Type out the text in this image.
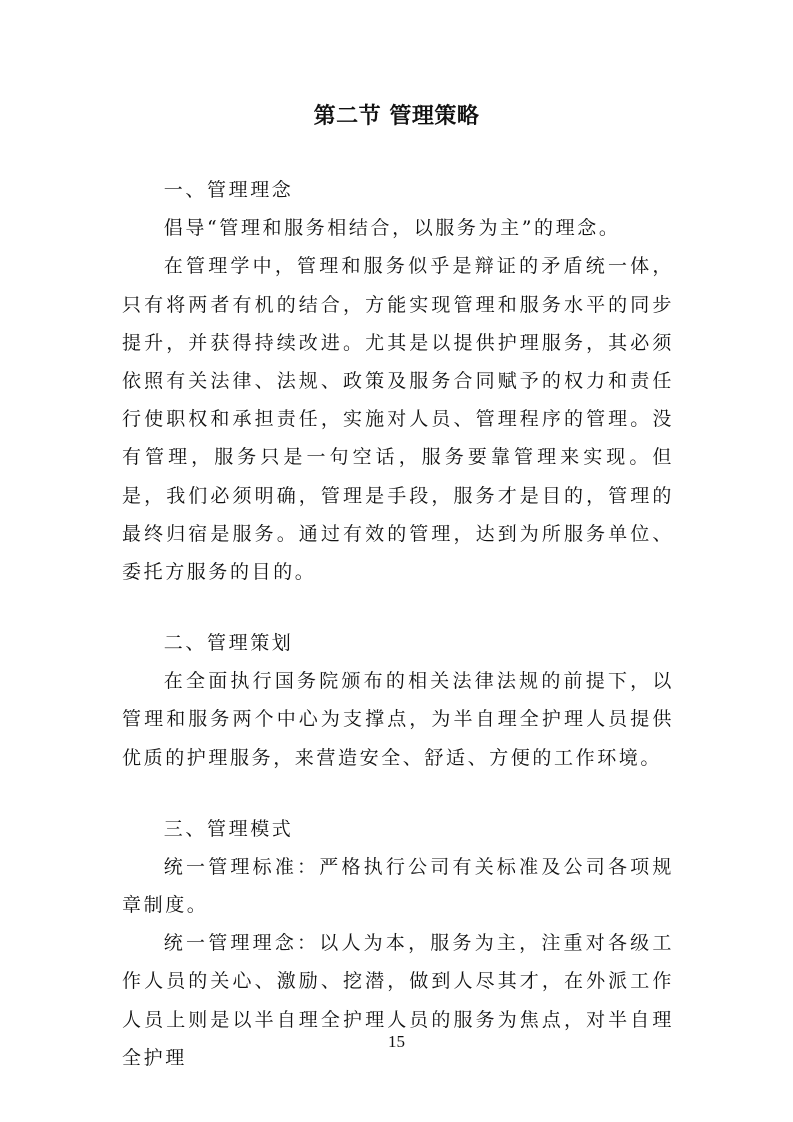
第二节 管理策略

一、管理理念

倡导“管理和服务相结合，以服务为主”的理念。

在管理学中，管理和服务似乎是辩证的矛盾统一体，只有将两者有机的结合，方能实现管理和服务水平的同步提升，并获得持续改进。尤其是以提供护理服务，其必须依照有关法律、法规、政策及服务合同赋予的权力和责任行使职权和承担责任，实施对人员、管理程序的管理。没有管理，服务只是一句空话，服务要靠管理来实现。但是，我们必须明确，管理是手段，服务才是目的，管理的最终归宿是服务。通过有效的管理，达到为所服务单位、委托方服务的目的。

二、管理策划

在全面执行国务院颁布的相关法律法规的前提下，以管理和服务两个中心为支撑点，为半自理全护理人员提供优质的护理服务，来营造安全、舒适、方便的工作环境。

三、管理模式

统一管理标准：严格执行公司有关标准及公司各项规章制度。

统一管理理念：以人为本，服务为主，注重对各级工作人员的关心、激励、挖潜，做到人尽其才，在外派工作人员上则是以半自理全护理人员的服务为焦点，对半自理全护理

15
